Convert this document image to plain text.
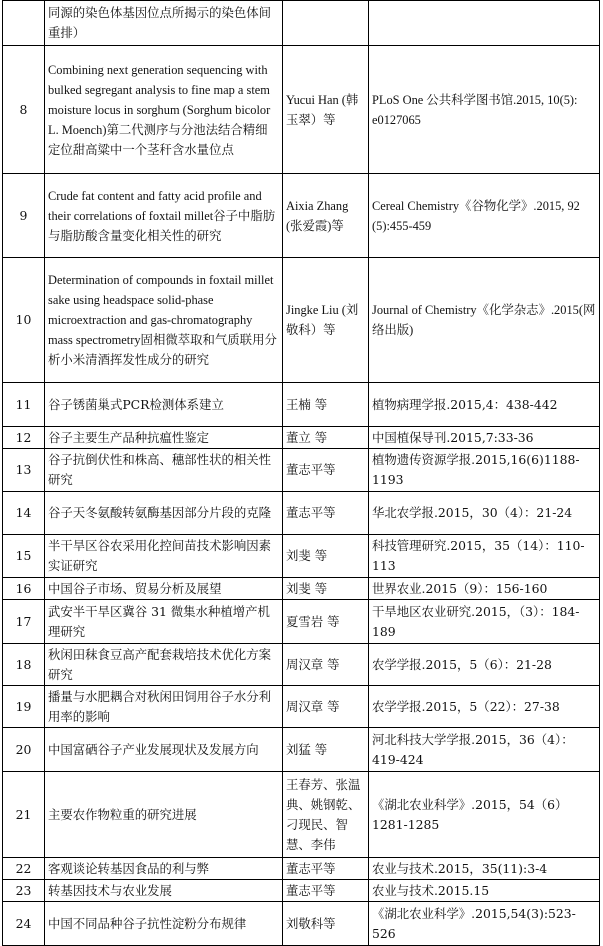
	同源的染色体基因位点所揭示的染色体间重排）		
8	Combining next generation sequencing with bulked segregant analysis to fine map a stem moisture locus in sorghum (Sorghum bicolor L. Moench)第二代测序与分池法结合精细定位甜高粱中一个茎秆含水量位点	Yucui Han (韩玉翠）等	PLoS One 公共科学图书馆.2015, 10(5): e0127065
9	Crude fat content and fatty acid profile and their correlations of foxtail millet谷子中脂肪与脂肪酸含量变化相关性的研究	Aixia Zhang (张爱霞)等	Cereal Chemistry《谷物化学》.2015, 92 (5):455-459
10	Determination of compounds in foxtail millet sake using headspace solid-phase microextraction and gas-chromatography mass spectrometry固相微萃取和气质联用分析小米清酒挥发性成分的研究	Jingke Liu (刘敬科）等	Journal of Chemistry《化学杂志》.2015(网络出版)
11	谷子锈菌巢式PCR检测体系建立	王楠 等	植物病理学报.2015,4：438-442
12	谷子主要生产品种抗瘟性鉴定	董立 等	中国植保导刊.2015,7:33-36
13	谷子抗倒伏性和株高、穗部性状的相关性研究	董志平等	植物遗传资源学报.2015,16(6)1188-1193
14	谷子天冬氨酸转氨酶基因部分片段的克隆	董志平等	华北农学报.2015，30（4）：21-24
15	半干旱区谷农采用化控间苗技术影响因素实证研究	刘斐 等	科技管理研究.2015，35（14）：110-113
16	中国谷子市场、贸易分析及展望	刘斐 等	世界农业.2015（9）：156-160
17	武安半干旱区冀谷 31 微集水种植增产机理研究	夏雪岩 等	干旱地区农业研究.2015，（3）：184-189
18	秋闲田秣食豆高产配套栽培技术优化方案研究	周汉章 等	农学学报.2015，5（6）：21-28
19	播量与水肥耦合对秋闲田饲用谷子水分利用率的影响	周汉章 等	农学学报.2015，5（22）：27-38
20	中国富硒谷子产业发展现状及发展方向	刘猛 等	河北科技大学学报.2015，36（4）：419-424
21	主要农作物粒重的研究进展	王春芳、张温典、姚钢乾、刁现民、智慧、李伟	《湖北农业科学》.2015，54（6）1281-1285
22	客观谈论转基因食品的利与弊	董志平等	农业与技术.2015，35(11):3-4
23	转基因技术与农业发展	董志平等	农业与技术.2015.15
24	中国不同品种谷子抗性淀粉分布规律	刘敬科等	《湖北农业科学》.2015,54(3):523-526
